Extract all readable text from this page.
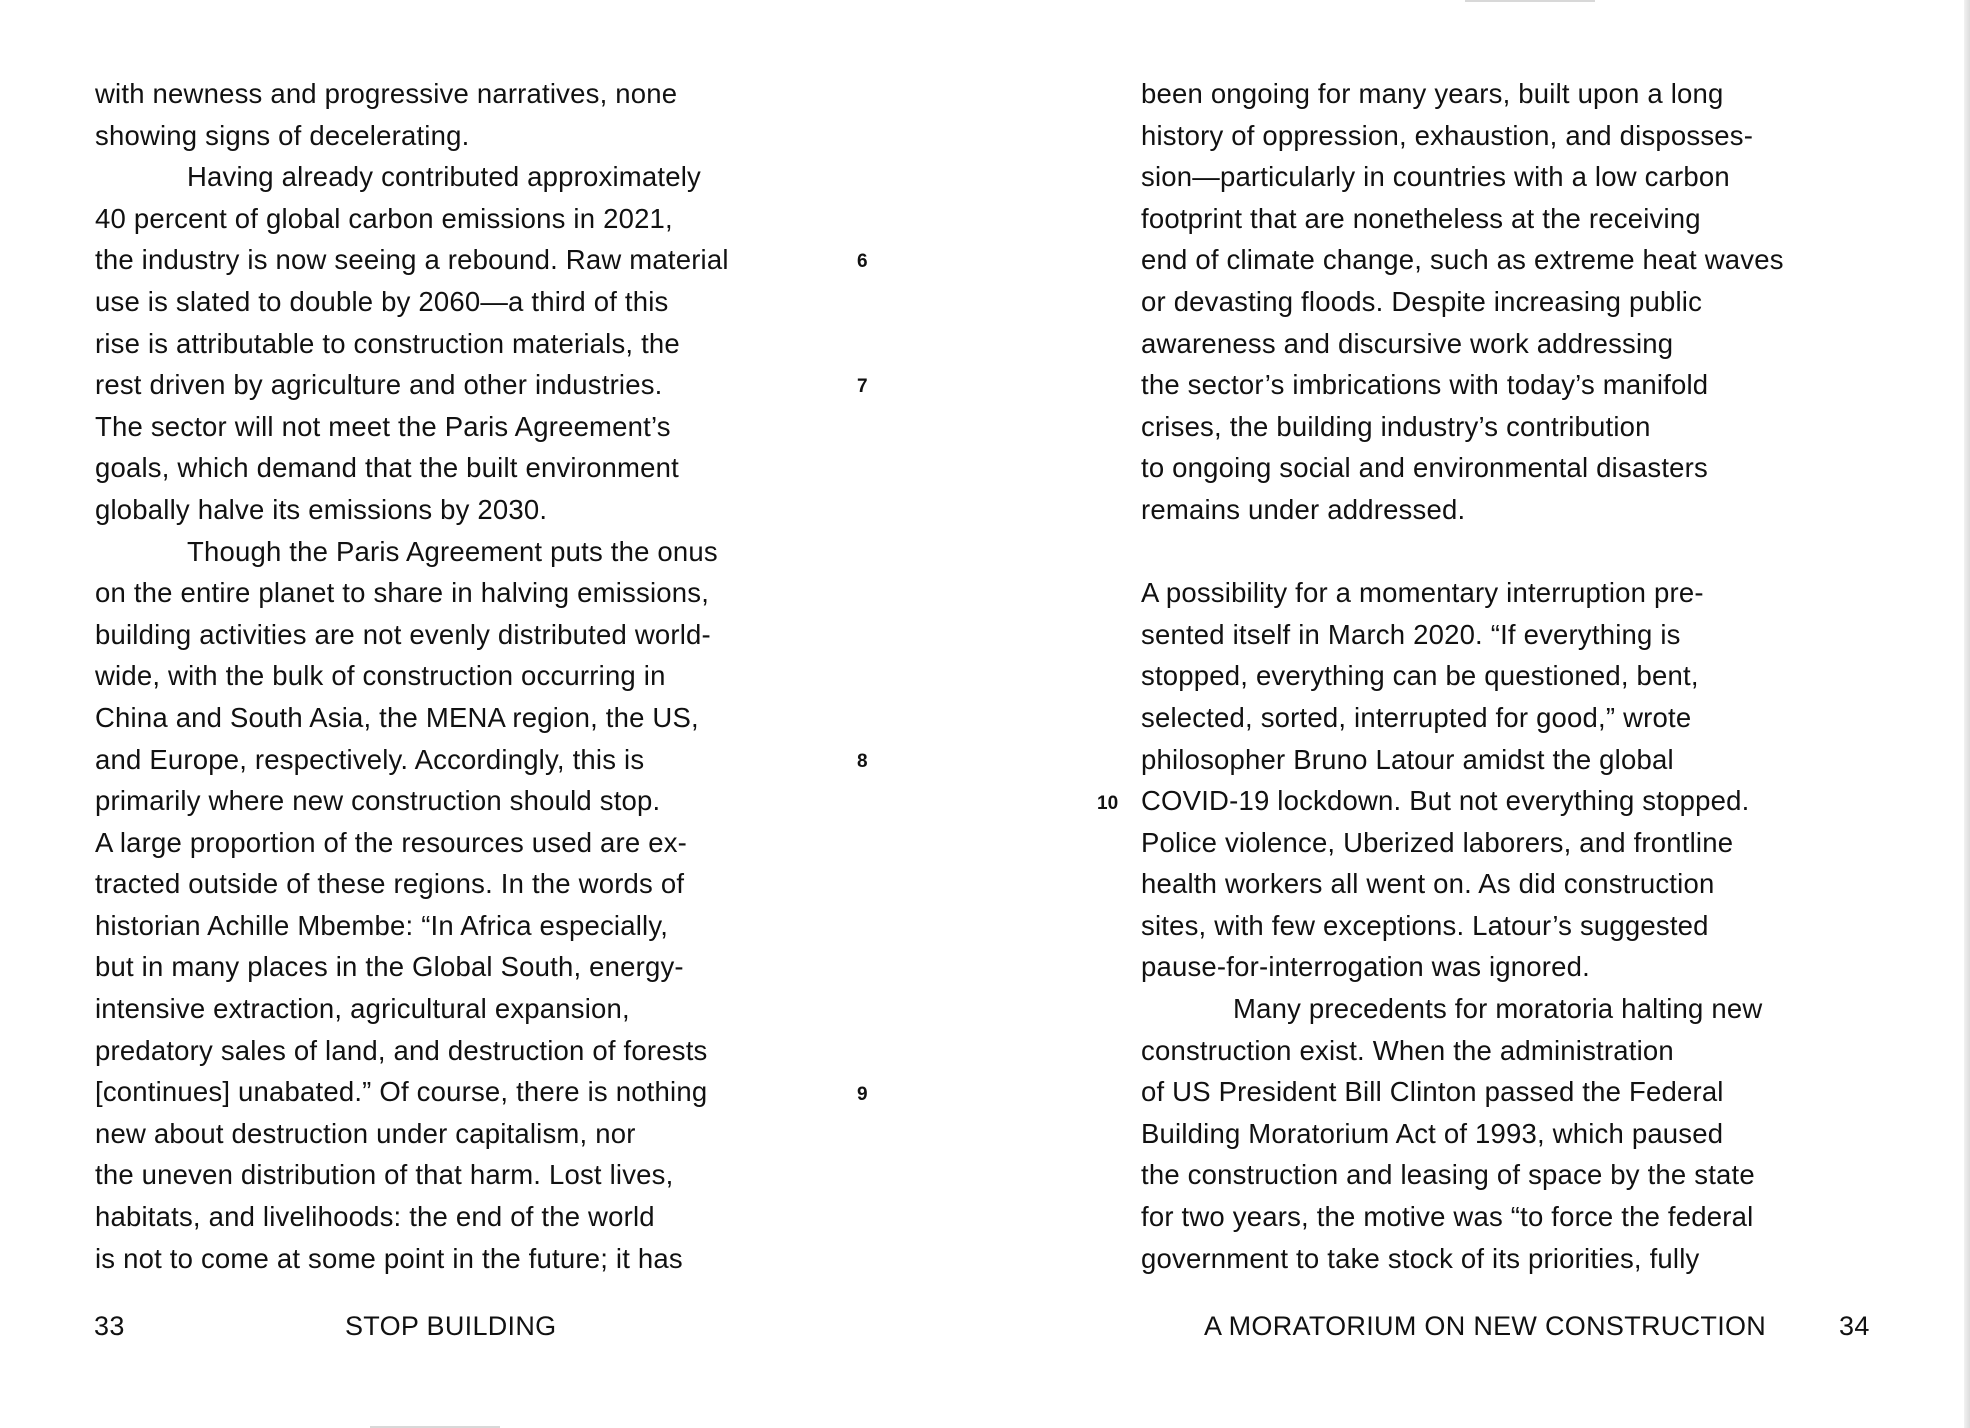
with newness and progressive narratives, none
showing signs of decelerating.
Having already contributed approximately
40 percent of global carbon emissions in 2021,
the industry is now seeing a rebound. Raw material
use is slated to double by 2060—a third of this
rise is attributable to construction materials, the
rest driven by agriculture and other industries.
The sector will not meet the Paris Agreement’s
goals, which demand that the built environment
globally halve its emissions by 2030.
Though the Paris Agreement puts the onus
on the entire planet to share in halving emissions,
building activities are not evenly distributed world-
wide, with the bulk of construction occurring in
China and South Asia, the MENA region, the US,
and Europe, respectively. Accordingly, this is
primarily where new construction should stop.
A large proportion of the resources used are ex-
tracted outside of these regions. In the words of
historian Achille Mbembe: “In Africa especially,
but in many places in the Global South, energy-
intensive extraction, agricultural expansion,
predatory sales of land, and destruction of forests
[continues] unabated.” Of course, there is nothing
new about destruction under capitalism, nor
the uneven distribution of that harm. Lost lives,
habitats, and livelihoods: the end of the world
is not to come at some point in the future; it has
6
7
8
9
33	STOP BUILDING
been ongoing for many years, built upon a long
history of oppression, exhaustion, and disposses-
sion—particularly in countries with a low carbon
footprint that are nonetheless at the receiving
end of climate change, such as extreme heat waves
or devasting floods. Despite increasing public
awareness and discursive work addressing
the sector’s imbrications with today’s manifold
crises, the building industry’s contribution
to ongoing social and environmental disasters
remains under addressed.
A possibility for a momentary interruption pre-
sented itself in March 2020. “If everything is
stopped, everything can be questioned, bent,
selected, sorted, interrupted for good,” wrote
philosopher Bruno Latour amidst the global
COVID-19 lockdown. But not everything stopped.
Police violence, Uberized laborers, and frontline
health workers all went on. As did construction
sites, with few exceptions. Latour’s suggested
pause-for-interrogation was ignored.
Many precedents for moratoria halting new
construction exist. When the administration
of US President Bill Clinton passed the Federal
Building Moratorium Act of 1993, which paused
the construction and leasing of space by the state
for two years, the motive was “to force the federal
government to take stock of its priorities, fully
10
A MORATORIUM ON NEW CONSTRUCTION	34
